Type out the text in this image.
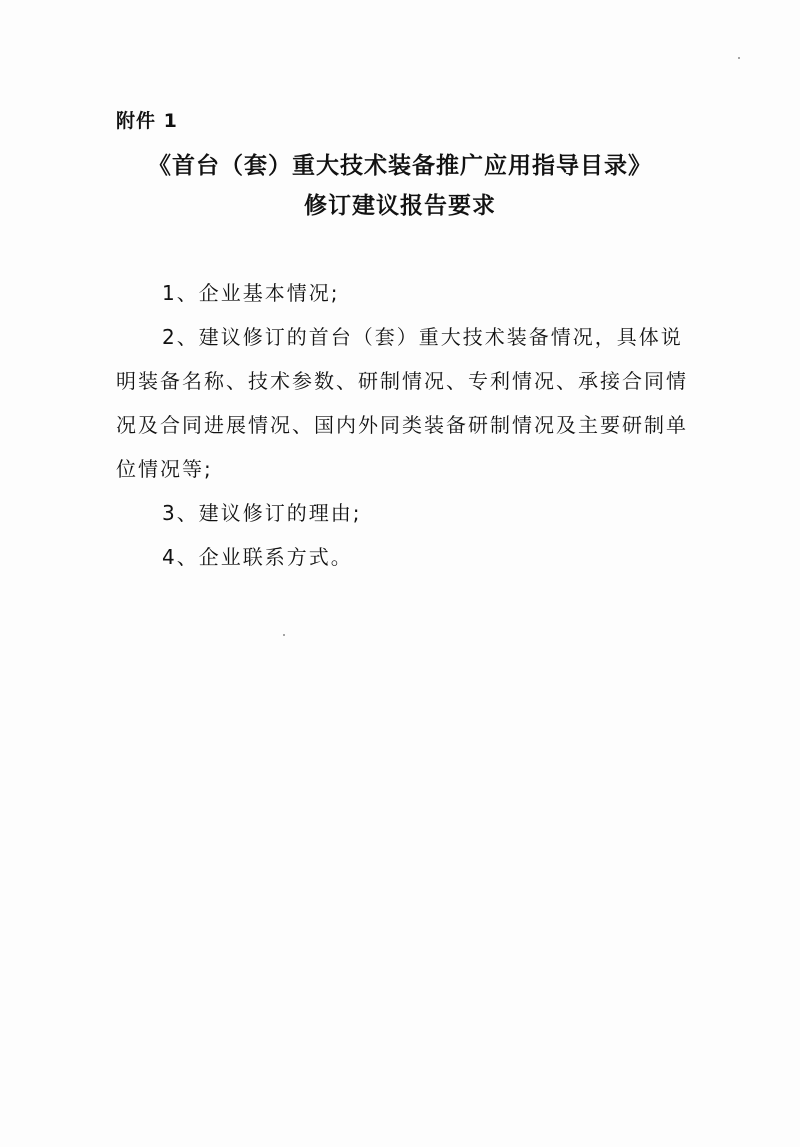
附件 1
《首台（套）重大技术装备推广应用指导目录》
修订建议报告要求
1、企业基本情况;
2、建议修订的首台（套）重大技术装备情况，具体说
明装备名称、技术参数、研制情况、专利情况、承接合同情
况及合同进展情况、国内外同类装备研制情况及主要研制单
位情况等;
3、建议修订的理由;
4、企业联系方式。
